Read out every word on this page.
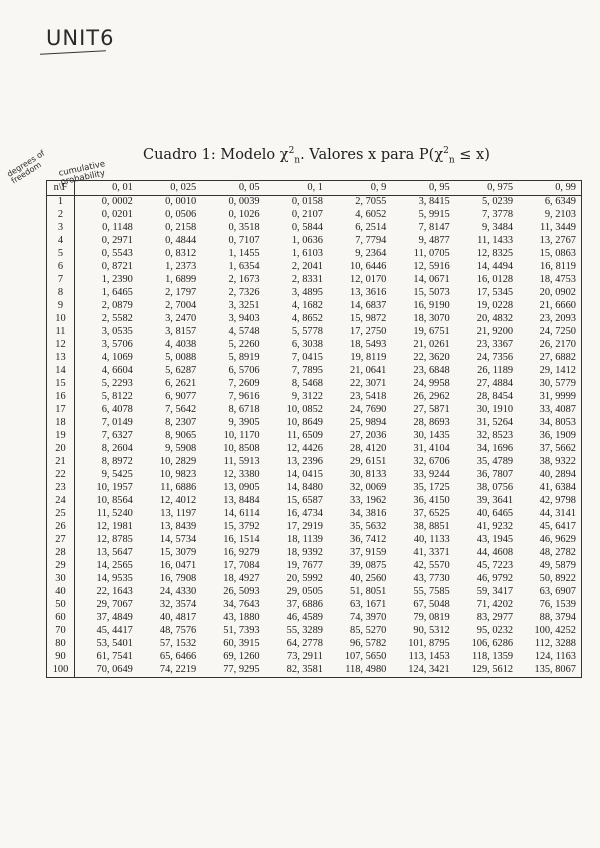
UNIT6
degrees of freedom	cumulative probability
Cuadro 1: Modelo $\chi^2_n$. Valores x para $P(\chi^2_n \le x)$
n\F	0, 01	0, 025	0, 05	0, 1	0, 9	0, 95	0, 975	0, 99
1	0, 0002	0, 0010	0, 0039	0, 0158	2, 7055	3, 8415	5, 0239	6, 6349
2	0, 0201	0, 0506	0, 1026	0, 2107	4, 6052	5, 9915	7, 3778	9, 2103
3	0, 1148	0, 2158	0, 3518	0, 5844	6, 2514	7, 8147	9, 3484	11, 3449
4	0, 2971	0, 4844	0, 7107	1, 0636	7, 7794	9, 4877	11, 1433	13, 2767
5	0, 5543	0, 8312	1, 1455	1, 6103	9, 2364	11, 0705	12, 8325	15, 0863
6	0, 8721	1, 2373	1, 6354	2, 2041	10, 6446	12, 5916	14, 4494	16, 8119
7	1, 2390	1, 6899	2, 1673	2, 8331	12, 0170	14, 0671	16, 0128	18, 4753
8	1, 6465	2, 1797	2, 7326	3, 4895	13, 3616	15, 5073	17, 5345	20, 0902
9	2, 0879	2, 7004	3, 3251	4, 1682	14, 6837	16, 9190	19, 0228	21, 6660
10	2, 5582	3, 2470	3, 9403	4, 8652	15, 9872	18, 3070	20, 4832	23, 2093
11	3, 0535	3, 8157	4, 5748	5, 5778	17, 2750	19, 6751	21, 9200	24, 7250
12	3, 5706	4, 4038	5, 2260	6, 3038	18, 5493	21, 0261	23, 3367	26, 2170
13	4, 1069	5, 0088	5, 8919	7, 0415	19, 8119	22, 3620	24, 7356	27, 6882
14	4, 6604	5, 6287	6, 5706	7, 7895	21, 0641	23, 6848	26, 1189	29, 1412
15	5, 2293	6, 2621	7, 2609	8, 5468	22, 3071	24, 9958	27, 4884	30, 5779
16	5, 8122	6, 9077	7, 9616	9, 3122	23, 5418	26, 2962	28, 8454	31, 9999
17	6, 4078	7, 5642	8, 6718	10, 0852	24, 7690	27, 5871	30, 1910	33, 4087
18	7, 0149	8, 2307	9, 3905	10, 8649	25, 9894	28, 8693	31, 5264	34, 8053
19	7, 6327	8, 9065	10, 1170	11, 6509	27, 2036	30, 1435	32, 8523	36, 1909
20	8, 2604	9, 5908	10, 8508	12, 4426	28, 4120	31, 4104	34, 1696	37, 5662
21	8, 8972	10, 2829	11, 5913	13, 2396	29, 6151	32, 6706	35, 4789	38, 9322
22	9, 5425	10, 9823	12, 3380	14, 0415	30, 8133	33, 9244	36, 7807	40, 2894
23	10, 1957	11, 6886	13, 0905	14, 8480	32, 0069	35, 1725	38, 0756	41, 6384
24	10, 8564	12, 4012	13, 8484	15, 6587	33, 1962	36, 4150	39, 3641	42, 9798
25	11, 5240	13, 1197	14, 6114	16, 4734	34, 3816	37, 6525	40, 6465	44, 3141
26	12, 1981	13, 8439	15, 3792	17, 2919	35, 5632	38, 8851	41, 9232	45, 6417
27	12, 8785	14, 5734	16, 1514	18, 1139	36, 7412	40, 1133	43, 1945	46, 9629
28	13, 5647	15, 3079	16, 9279	18, 9392	37, 9159	41, 3371	44, 4608	48, 2782
29	14, 2565	16, 0471	17, 7084	19, 7677	39, 0875	42, 5570	45, 7223	49, 5879
30	14, 9535	16, 7908	18, 4927	20, 5992	40, 2560	43, 7730	46, 9792	50, 8922
40	22, 1643	24, 4330	26, 5093	29, 0505	51, 8051	55, 7585	59, 3417	63, 6907
50	29, 7067	32, 3574	34, 7643	37, 6886	63, 1671	67, 5048	71, 4202	76, 1539
60	37, 4849	40, 4817	43, 1880	46, 4589	74, 3970	79, 0819	83, 2977	88, 3794
70	45, 4417	48, 7576	51, 7393	55, 3289	85, 5270	90, 5312	95, 0232	100, 4252
80	53, 5401	57, 1532	60, 3915	64, 2778	96, 5782	101, 8795	106, 6286	112, 3288
90	61, 7541	65, 6466	69, 1260	73, 2911	107, 5650	113, 1453	118, 1359	124, 1163
100	70, 0649	74, 2219	77, 9295	82, 3581	118, 4980	124, 3421	129, 5612	135, 8067
